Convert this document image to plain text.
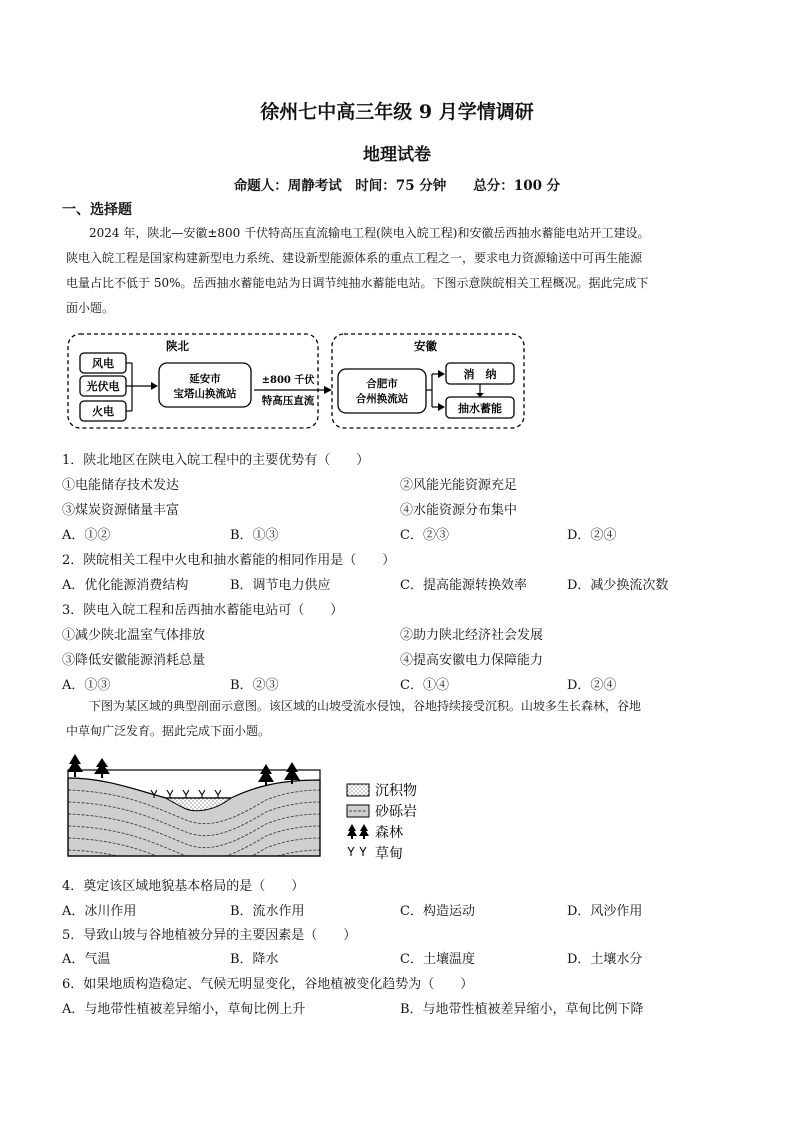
徐州七中高三年级 9 月学情调研
地理试卷
命题人：周静考试　时间：75 分钟　　总分：100 分
一、选择题
2024 年，陕北—安徽±800 千伏特高压直流输电工程(陕电入皖工程)和安徽岳西抽水蓄能电站开工建设。
陕电入皖工程是国家构建新型电力系统、建设新型能源体系的重点工程之一，要求电力资源输送中可再生能源
电量占比不低于 50%。岳西抽水蓄能电站为日调节纯抽水蓄能电站。下图示意陕皖相关工程概况。据此完成下
面小题。
陕北
风电
光伏电
火电
延安市
宝塔山换流站
±800 千伏
特高压直流
安徽
合肥市
合州换流站
消　纳
抽水蓄能
1．陕北地区在陕电入皖工程中的主要优势有（　　）
①电能储存技术发达	②风能光能资源充足
③煤炭资源储量丰富	④水能资源分布集中
A．①②	B．①③	C．②③	D．②④
2．陕皖相关工程中火电和抽水蓄能的相同作用是（　　）
A．优化能源消费结构	B．调节电力供应	C．提高能源转换效率	D．减少换流次数
3．陕电入皖工程和岳西抽水蓄能电站可（　　）
①减少陕北温室气体排放	②助力陕北经济社会发展
③降低安徽能源消耗总量	④提高安徽电力保障能力
A．①③	B．②③	C．①④	D．②④
下图为某区域的典型剖面示意图。该区域的山坡受流水侵蚀，谷地持续接受沉积。山坡多生长森林，谷地
中草甸广泛发育。据此完成下面小题。
沉积物
砂砾岩
森林
草甸
4．奠定该区域地貌基本格局的是（　　）
A．冰川作用	B．流水作用	C．构造运动	D．风沙作用
5．导致山坡与谷地植被分异的主要因素是（　　）
A．气温	B．降水	C．土壤温度	D．土壤水分
6．如果地质构造稳定、气候无明显变化，谷地植被变化趋势为（　　）
A．与地带性植被差异缩小，草甸比例上升	B．与地带性植被差异缩小，草甸比例下降
